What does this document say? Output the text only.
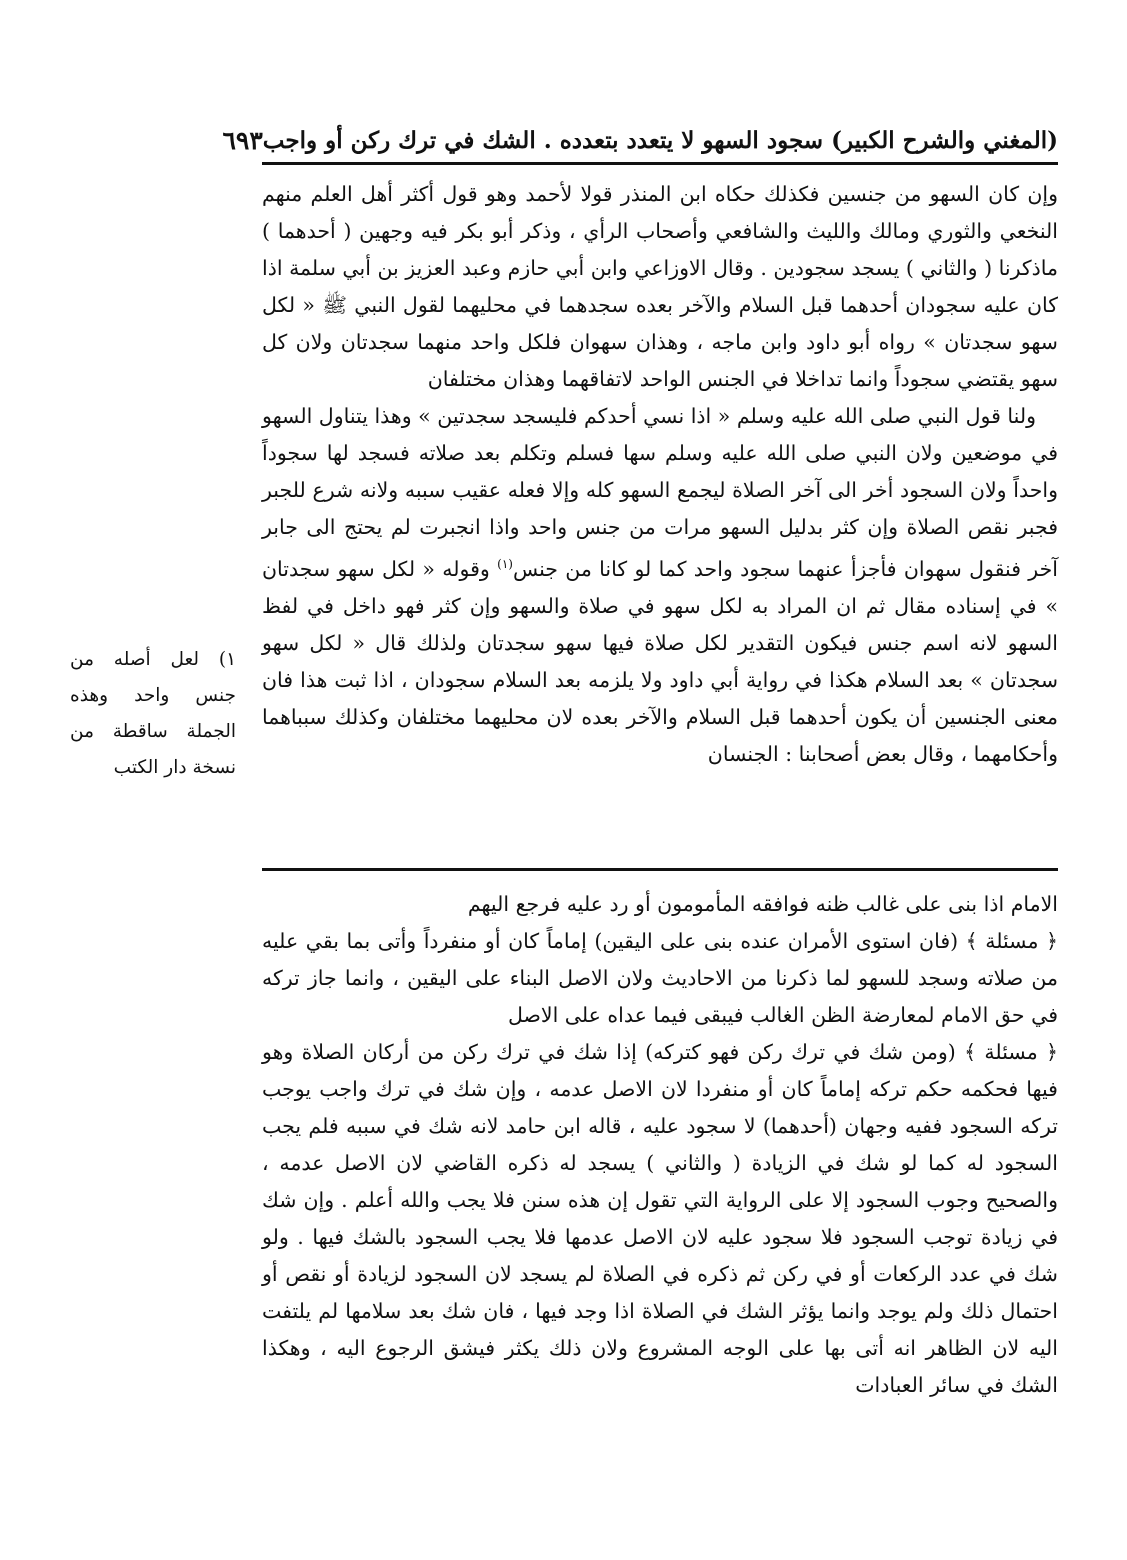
(المغني والشرح الكبير) سجود السهو لا يتعدد بتعدده . الشك في ترك ركن أو واجب
٦٩٣

وإن كان السهو من جنسين فكذلك حكاه ابن المنذر قولا لأحمد وهو قول أكثر أهل العلم منهم النخعي والثوري ومالك والليث والشافعي وأصحاب الرأي ، وذكر أبو بكر فيه وجهين ( أحدهما ) ماذكرنا ( والثاني ) يسجد سجودين . وقال الاوزاعي وابن أبي حازم وعبد العزيز بن أبي سلمة اذا كان عليه سجودان أحدهما قبل السلام والآخر بعده سجدهما في محليهما لقول النبي ﷺ « لكل سهو سجدتان » رواه أبو داود وابن ماجه ، وهذان سهوان فلكل واحد منهما سجدتان ولان كل سهو يقتضي سجوداً وانما تداخلا في الجنس الواحد لاتفاقهما وهذان مختلفان

ولنا قول النبي صلى الله عليه وسلم « اذا نسي أحدكم فليسجد سجدتين » وهذا يتناول السهو في موضعين ولان النبي صلى الله عليه وسلم سها فسلم وتكلم بعد صلاته فسجد لها سجوداً واحداً ولان السجود أخر الى آخر الصلاة ليجمع السهو كله وإلا فعله عقيب سببه ولانه شرع للجبر فجبر نقص الصلاة وإن كثر بدليل السهو مرات من جنس واحد واذا انجبرت لم يحتج الى جابر آخر فنقول سهوان فأجزأ عنهما سجود واحد كما لو كانا من جنس$^{(١)}$ وقوله « لكل سهو سجدتان » في إسناده مقال ثم ان المراد به لكل سهو في صلاة والسهو وإن كثر فهو داخل في لفظ السهو لانه اسم جنس فيكون التقدير لكل صلاة فيها سهو سجدتان ولذلك قال « لكل سهو سجدتان » بعد السلام هكذا في رواية أبي داود ولا يلزمه بعد السلام سجودان ، اذا ثبت هذا فان معنى الجنسين أن يكون أحدهما قبل السلام والآخر بعده لان محليهما مختلفان وكذلك سبباهما وأحكامهما ، وقال بعض أصحابنا : الجنسان

١) لعل أصله من جنس واحد وهذه الجملة ساقطة من نسخة دار الكتب

الامام اذا بنى على غالب ظنه فوافقه المأمومون أو رد عليه فرجع اليهم

﴿ مسئلة ﴾ (فان استوى الأمران عنده بنى على اليقين) إماماً كان أو منفرداً وأتى بما بقي عليه من صلاته وسجد للسهو لما ذكرنا من الاحاديث ولان الاصل البناء على اليقين ، وانما جاز تركه في حق الامام لمعارضة الظن الغالب فيبقى فيما عداه على الاصل

﴿ مسئلة ﴾ (ومن شك في ترك ركن فهو كتركه) إذا شك في ترك ركن من أركان الصلاة وهو فيها فحكمه حكم تركه إماماً كان أو منفردا لان الاصل عدمه ، وإن شك في ترك واجب يوجب تركه السجود ففيه وجهان (أحدهما) لا سجود عليه ، قاله ابن حامد لانه شك في سببه فلم يجب السجود له كما لو شك في الزيادة ( والثاني ) يسجد له ذكره القاضي لان الاصل عدمه ، والصحيح وجوب السجود إلا على الرواية التي تقول إن هذه سنن فلا يجب والله أعلم . وإن شك في زيادة توجب السجود فلا سجود عليه لان الاصل عدمها فلا يجب السجود بالشك فيها . ولو شك في عدد الركعات أو في ركن ثم ذكره في الصلاة لم يسجد لان السجود لزيادة أو نقص أو احتمال ذلك ولم يوجد وانما يؤثر الشك في الصلاة اذا وجد فيها ، فان شك بعد سلامها لم يلتفت اليه لان الظاهر انه أتى بها على الوجه المشروع ولان ذلك يكثر فيشق الرجوع اليه ، وهكذا الشك في سائر العبادات
